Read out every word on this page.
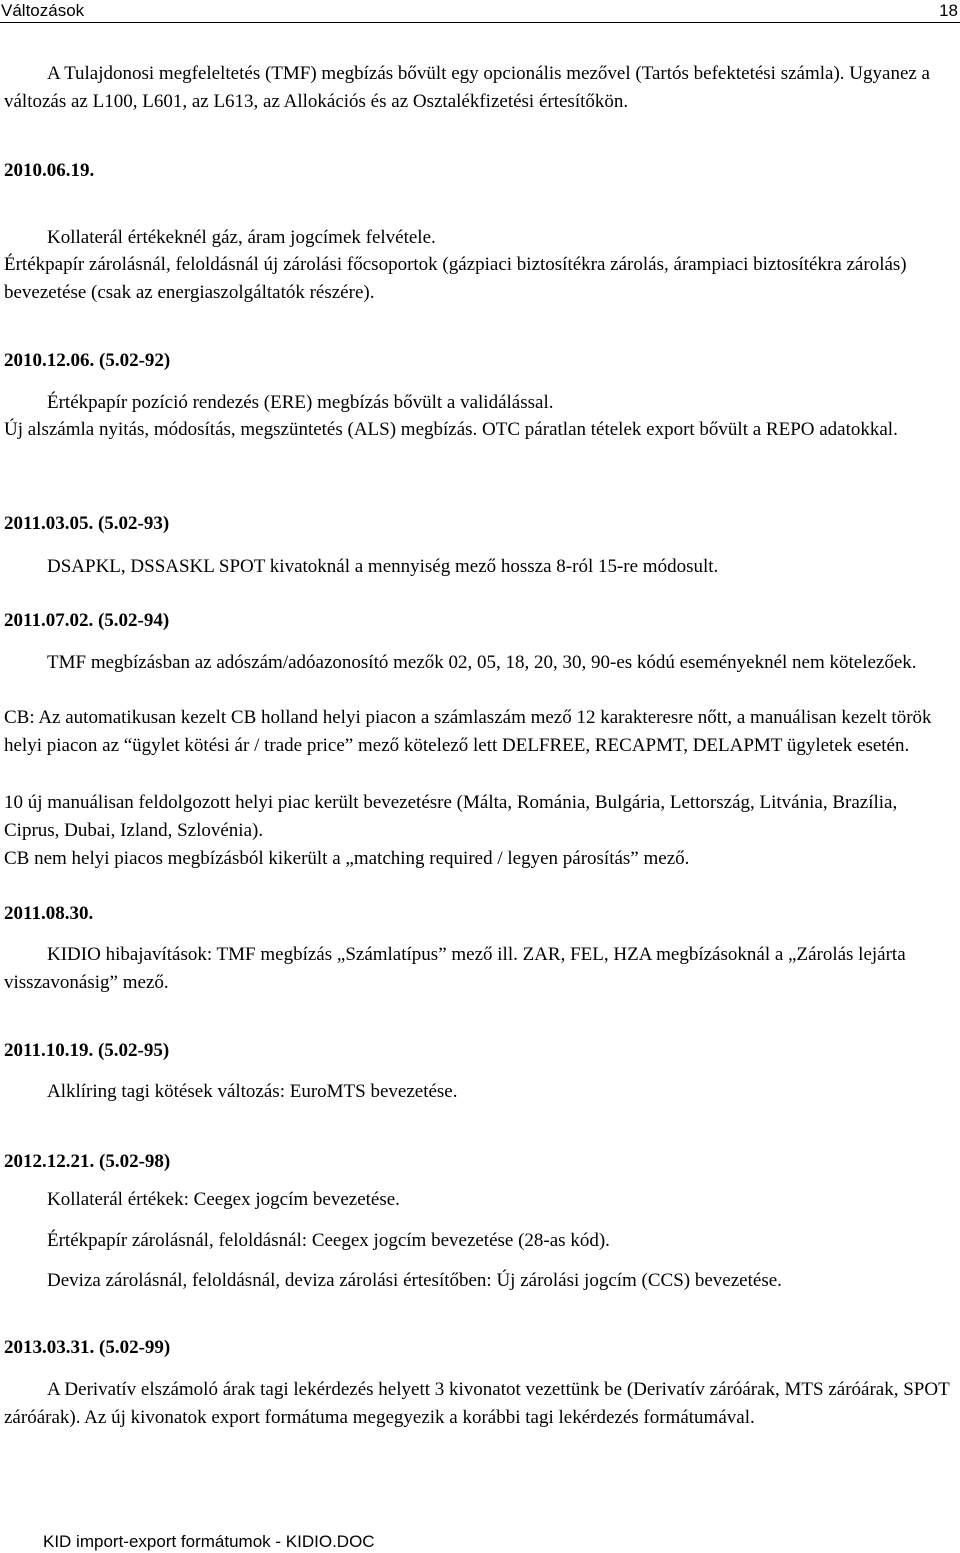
Változások	18
A Tulajdonosi megfeleltetés (TMF) megbízás bővült egy opcionális mezővel (Tartós befektetési számla). Ugyanez a változás az L100, L601, az L613, az Allokációs és az Osztalékfizetési értesítőkön.
2010.06.19.
Kollaterál értékeknél gáz, áram jogcímek felvétele.
Értékpapír zárolásnál, feloldásnál új zárolási főcsoportok (gázpiaci biztosítékra zárolás, árampiaci biztosítékra zárolás) bevezetése (csak az energiaszolgáltatók részére).
2010.12.06. (5.02-92)
Értékpapír pozíció rendezés (ERE) megbízás bővült a validálással.
Új alszámla nyitás, módosítás, megszüntetés (ALS) megbízás. OTC páratlan tételek export bővült a REPO adatokkal.
2011.03.05. (5.02-93)
DSAPKL, DSSASKL SPOT kivatoknál a mennyiség mező hossza 8-ról 15-re módosult.
2011.07.02. (5.02-94)
TMF megbízásban az adószám/adóazonosító mezők 02, 05, 18, 20, 30, 90-es kódú eseményeknél nem kötelezőek.
CB: Az automatikusan kezelt CB holland helyi piacon a számlaszám mező 12 karakteresre nőtt, a manuálisan kezelt török helyi piacon az “ügylet kötési ár / trade price” mező kötelező lett DELFREE, RECAPMT, DELAPMT ügyletek esetén.
10 új manuálisan feldolgozott helyi piac került bevezetésre (Málta, Románia, Bulgária, Lettország, Litvánia, Brazília, Ciprus, Dubai, Izland, Szlovénia).
CB nem helyi piacos megbízásból kikerült a „matching required / legyen párosítás” mező.
2011.08.30.
KIDIO hibajavítások: TMF megbízás „Számlatípus” mező ill. ZAR, FEL, HZA megbízásoknál a „Zárolás lejárta visszavonásig” mező.
2011.10.19. (5.02-95)
Alklíring tagi kötések változás: EuroMTS bevezetése.
2012.12.21. (5.02-98)
Kollaterál értékek: Ceegex jogcím bevezetése.
Értékpapír zárolásnál, feloldásnál: Ceegex jogcím bevezetése (28-as kód).
Deviza zárolásnál, feloldásnál, deviza zárolási értesítőben: Új zárolási jogcím (CCS) bevezetése.
2013.03.31. (5.02-99)
A Derivatív elszámoló árak tagi lekérdezés helyett 3 kivonatot vezettünk be (Derivatív záróárak, MTS záróárak, SPOT záróárak). Az új kivonatok export formátuma megegyezik a korábbi tagi lekérdezés formátumával.
KID import-export formátumok - KIDIO.DOC
